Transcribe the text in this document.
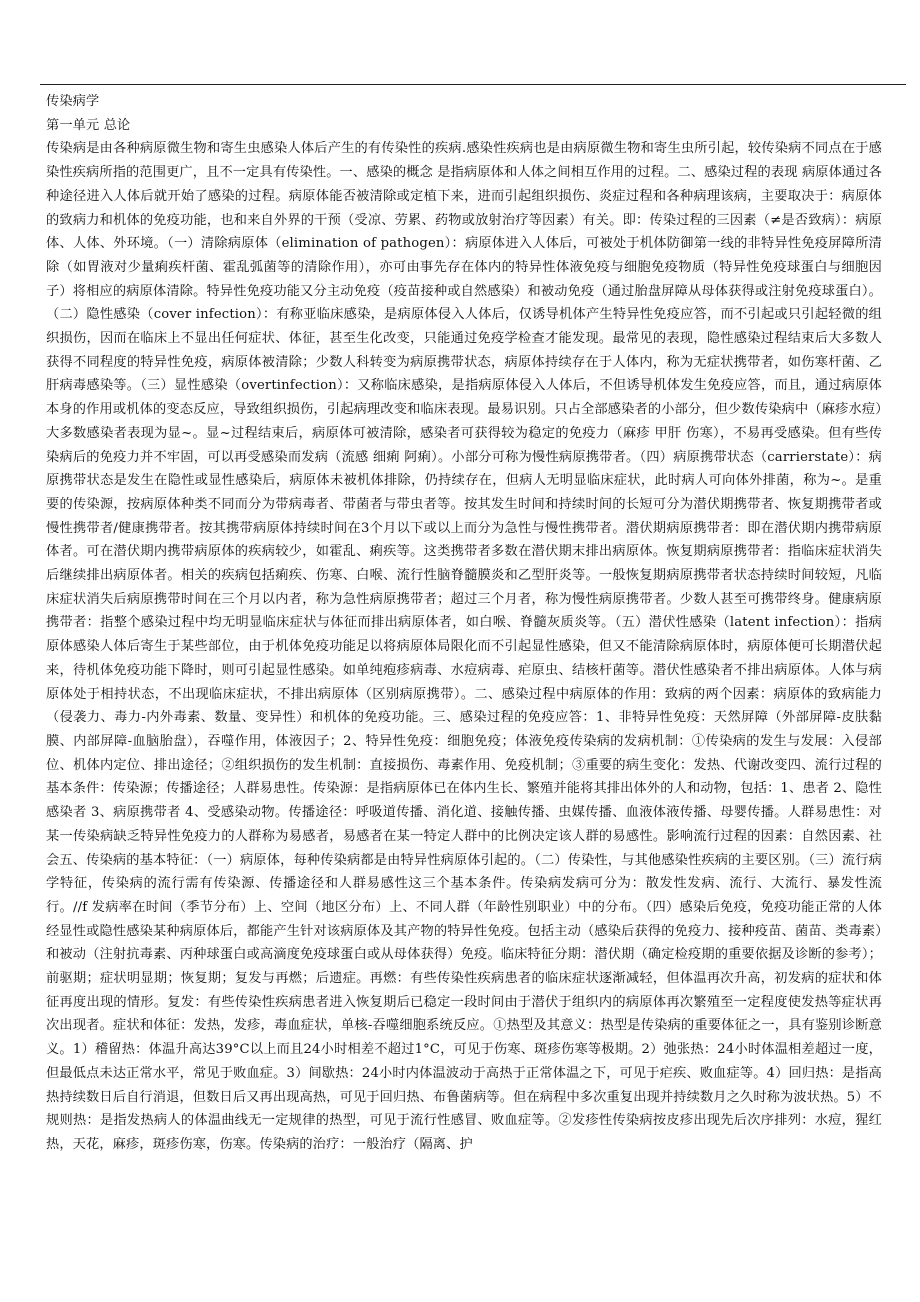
传染病学

第一单元 总论

传染病是由各种病原微生物和寄生虫感染人体后产生的有传染性的疾病.感染性疾病也是由病原微生物和寄生虫所引起，较传染病不同点在于感染性疾病所指的范围更广，且不一定具有传染性。一、感染的概念 是指病原体和人体之间相互作用的过程。二、感染过程的表现 病原体通过各种途径进入人体后就开始了感染的过程。病原体能否被清除或定植下来，进而引起组织损伤、炎症过程和各种病理该病，主要取决于：病原体的致病力和机体的免疫功能，也和来自外界的干预（受凉、劳累、药物或放射治疗等因素）有关。即：传染过程的三因素（≠是否致病）：病原体、人体、外环境。（一）清除病原体（elimination of pathogen）：病原体进入人体后，可被处于机体防御第一线的非特异性免疫屏障所清除（如胃液对少量痢疾杆菌、霍乱弧菌等的清除作用），亦可由事先存在体内的特异性体液免疫与细胞免疫物质（特异性免疫球蛋白与细胞因子）将相应的病原体清除。特异性免疫功能又分主动免疫（疫苗接种或自然感染）和被动免疫（通过胎盘屏障从母体获得或注射免疫球蛋白）。（二）隐性感染（cover infection）：有称亚临床感染，是病原体侵入人体后，仅诱导机体产生特异性免疫应答，而不引起或只引起轻微的组织损伤，因而在临床上不显出任何症状、体征，甚至生化改变，只能通过免疫学检查才能发现。最常见的表现，隐性感染过程结束后大多数人获得不同程度的特异性免疫，病原体被清除；少数人科转变为病原携带状态，病原体持续存在于人体内，称为无症状携带者，如伤寒杆菌、乙肝病毒感染等。（三）显性感染（overtinfection）：又称临床感染，是指病原体侵入人体后，不但诱导机体发生免疫应答，而且，通过病原体本身的作用或机体的变态反应，导致组织损伤，引起病理改变和临床表现。最易识别。只占全部感染者的小部分，但少数传染病中（麻疹水痘）大多数感染者表现为显~。显~过程结束后，病原体可被清除，感染者可获得较为稳定的免疫力（麻疹 甲肝 伤寒），不易再受感染。但有些传染病后的免疫力并不牢固，可以再受感染而发病（流感 细痢 阿痢）。小部分可称为慢性病原携带者。（四）病原携带状态（carrierstate）：病原携带状态是发生在隐性或显性感染后，病原体未被机体排除，仍持续存在，但病人无明显临床症状，此时病人可向体外排菌，称为~。是重要的传染源，按病原体种类不同而分为带病毒者、带菌者与带虫者等。按其发生时间和持续时间的长短可分为潜伏期携带者、恢复期携带者或慢性携带者/健康携带者。按其携带病原体持续时间在3个月以下或以上而分为急性与慢性携带者。潜伏期病原携带者：即在潜伏期内携带病原体者。可在潜伏期内携带病原体的疾病较少，如霍乱、痢疾等。这类携带者多数在潜伏期末排出病原体。恢复期病原携带者：指临床症状消失后继续排出病原体者。相关的疾病包括痢疾、伤寒、白喉、流行性脑脊髓膜炎和乙型肝炎等。一般恢复期病原携带者状态持续时间较短，凡临床症状消失后病原携带时间在三个月以内者，称为急性病原携带者；超过三个月者，称为慢性病原携带者。少数人甚至可携带终身。健康病原携带者：指整个感染过程中均无明显临床症状与体征而排出病原体者，如白喉、脊髓灰质炎等。（五）潜伏性感染（latent infection）：指病原体感染人体后寄生于某些部位，由于机体免疫功能足以将病原体局限化而不引起显性感染，但又不能清除病原体时，病原体便可长期潜伏起来，待机体免疫功能下降时，则可引起显性感染。如单纯疱疹病毒、水痘病毒、疟原虫、结核杆菌等。潜伏性感染者不排出病原体。人体与病原体处于相持状态，不出现临床症状，不排出病原体（区别病原携带）。二、感染过程中病原体的作用：致病的两个因素：病原体的致病能力（侵袭力、毒力-内外毒素、数量、变异性）和机体的免疫功能。三、感染过程的免疫应答：1、非特异性免疫：天然屏障（外部屏障-皮肤黏膜、内部屏障-血脑胎盘），吞噬作用，体液因子；2、特异性免疫：细胞免疫；体液免疫传染病的发病机制：①传染病的发生与发展：入侵部位、机体内定位、排出途径；②组织损伤的发生机制：直接损伤、毒素作用、免疫机制；③重要的病生变化：发热、代谢改变四、流行过程的基本条件：传染源；传播途径；人群易患性。传染源：是指病原体已在体内生长、繁殖并能将其排出体外的人和动物，包括：1、患者 2、隐性感染者 3、病原携带者 4、受感染动物。传播途径：呼吸道传播、消化道、接触传播、虫媒传播、血液体液传播、母婴传播。人群易患性：对某一传染病缺乏特异性免疫力的人群称为易感者，易感者在某一特定人群中的比例决定该人群的易感性。影响流行过程的因素：自然因素、社会五、传染病的基本特征：（一）病原体，每种传染病都是由特异性病原体引起的。（二）传染性，与其他感染性疾病的主要区别。（三）流行病学特征，传染病的流行需有传染源、传播途径和人群易感性这三个基本条件。传染病发病可分为：散发性发病、流行、大流行、暴发性流行。//f 发病率在时间（季节分布）上、空间（地区分布）上、不同人群（年龄性别职业）中的分布。（四）感染后免疫，免疫功能正常的人体经显性或隐性感染某种病原体后，都能产生针对该病原体及其产物的特异性免疫。包括主动（感染后获得的免疫力、接种疫苗、菌苗、类毒素）和被动（注射抗毒素、丙种球蛋白或高滴度免疫球蛋白或从母体获得）免疫。临床特征分期：潜伏期（确定检疫期的重要依据及诊断的参考）；前驱期；症状明显期；恢复期；复发与再燃；后遗症。再燃：有些传染性疾病患者的临床症状逐渐减轻，但体温再次升高，初发病的症状和体征再度出现的情形。复发：有些传染性疾病患者进入恢复期后已稳定一段时间由于潜伏于组织内的病原体再次繁殖至一定程度使发热等症状再次出现者。症状和体征：发热，发疹，毒血症状，单核-吞噬细胞系统反应。①热型及其意义：热型是传染病的重要体征之一，具有鉴别诊断意义。1）稽留热：体温升高达39°C以上而且24小时相差不超过1°C，可见于伤寒、斑疹伤寒等极期。2）弛张热：24小时体温相差超过一度，但最低点未达正常水平，常见于败血症。3）间歇热：24小时内体温波动于高热于正常体温之下，可见于疟疾、败血症等。4）回归热：是指高热持续数日后自行消退，但数日后又再出现高热，可见于回归热、布鲁菌病等。但在病程中多次重复出现并持续数月之久时称为波状热。5）不规则热：是指发热病人的体温曲线无一定规律的热型，可见于流行性感冒、败血症等。②发疹性传染病按皮疹出现先后次序排列：水痘，猩红热，天花，麻疹，斑疹伤寒，伤寒。传染病的治疗：一般治疗（隔离、护
